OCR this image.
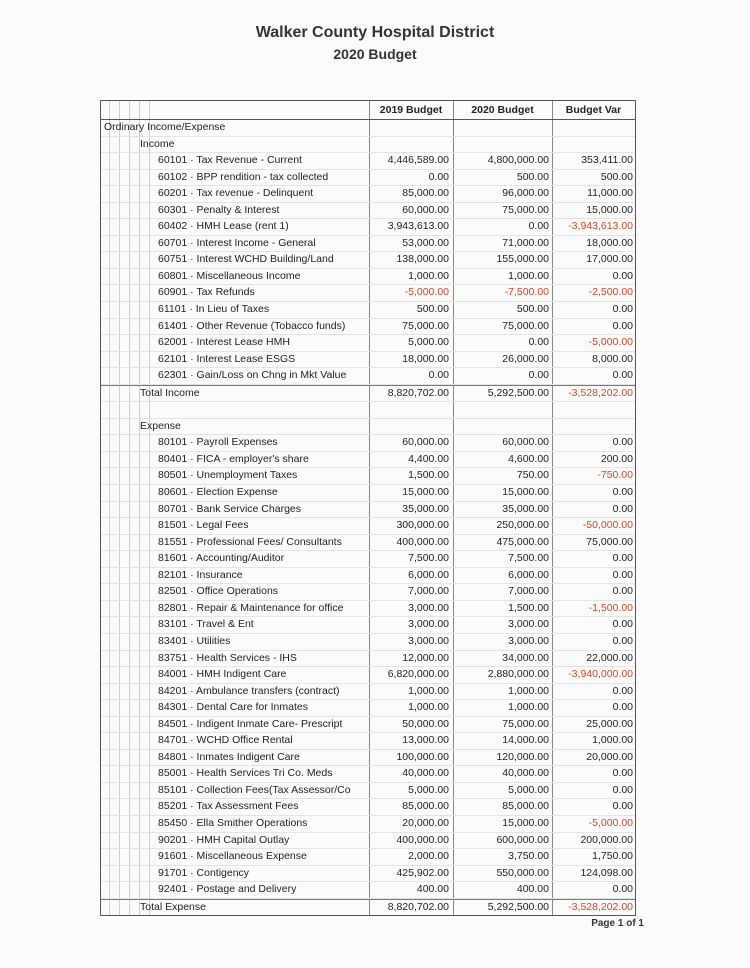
Walker County Hospital District
2020 Budget
2019 Budget	2020 Budget	Budget Var
Ordinary Income/Expense
Income
60101 · Tax Revenue - Current	4,446,589.00	4,800,000.00	353,411.00
60102 · BPP rendition - tax collected	0.00	500.00	500.00
60201 · Tax revenue - Delinquent	85,000.00	96,000.00	11,000.00
60301 · Penalty & Interest	60,000.00	75,000.00	15,000.00
60402 · HMH Lease (rent 1)	3,943,613.00	0.00	-3,943,613.00
60701 · Interest Income - General	53,000.00	71,000.00	18,000.00
60751 · Interest WCHD Building/Land	138,000.00	155,000.00	17,000.00
60801 · Miscellaneous Income	1,000.00	1,000.00	0.00
60901 · Tax Refunds	-5,000.00	-7,500.00	-2,500.00
61101 · In Lieu of Taxes	500.00	500.00	0.00
61401 · Other Revenue (Tobacco funds)	75,000.00	75,000.00	0.00
62001 · Interest Lease HMH	5,000.00	0.00	-5,000.00
62101 · Interest Lease ESGS	18,000.00	26,000.00	8,000.00
62301 · Gain/Loss on Chng in Mkt Value	0.00	0.00	0.00
Total Income	8,820,702.00	5,292,500.00	-3,528,202.00
Expense
80101 · Payroll Expenses	60,000.00	60,000.00	0.00
80401 · FICA - employer's share	4,400.00	4,600.00	200.00
80501 · Unemployment Taxes	1,500.00	750.00	-750.00
80601 · Election Expense	15,000.00	15,000.00	0.00
80701 · Bank Service Charges	35,000.00	35,000.00	0.00
81501 · Legal Fees	300,000.00	250,000.00	-50,000.00
81551 · Professional Fees/ Consultants	400,000.00	475,000.00	75,000.00
81601 · Accounting/Auditor	7,500.00	7,500.00	0.00
82101 · Insurance	6,000.00	6,000.00	0.00
82501 · Office Operations	7,000.00	7,000.00	0.00
82801 · Repair & Maintenance for office	3,000.00	1,500.00	-1,500.00
83101 · Travel & Ent	3,000.00	3,000.00	0.00
83401 · Utilities	3,000.00	3,000.00	0.00
83751 · Health Services - IHS	12,000.00	34,000.00	22,000.00
84001 · HMH Indigent Care	6,820,000.00	2,880,000.00	-3,940,000.00
84201 · Ambulance transfers (contract)	1,000.00	1,000.00	0.00
84301 · Dental Care for Inmates	1,000.00	1,000.00	0.00
84501 · Indigent Inmate Care- Prescript	50,000.00	75,000.00	25,000.00
84701 · WCHD Office Rental	13,000.00	14,000.00	1,000.00
84801 · Inmates Indigent Care	100,000.00	120,000.00	20,000.00
85001 · Health Services Tri Co. Meds	40,000.00	40,000.00	0.00
85101 · Collection Fees(Tax Assessor/Co	5,000.00	5,000.00	0.00
85201 · Tax Assessment Fees	85,000.00	85,000.00	0.00
85450 · Ella Smither Operations	20,000.00	15,000.00	-5,000.00
90201 · HMH Capital Outlay	400,000.00	600,000.00	200,000.00
91601 · Miscellaneous Expense	2,000.00	3,750.00	1,750.00
91701 · Contigency	425,902.00	550,000.00	124,098.00
92401 · Postage and Delivery	400.00	400.00	0.00
Total Expense	8,820,702.00	5,292,500.00	-3,528,202.00
Page 1 of 1
